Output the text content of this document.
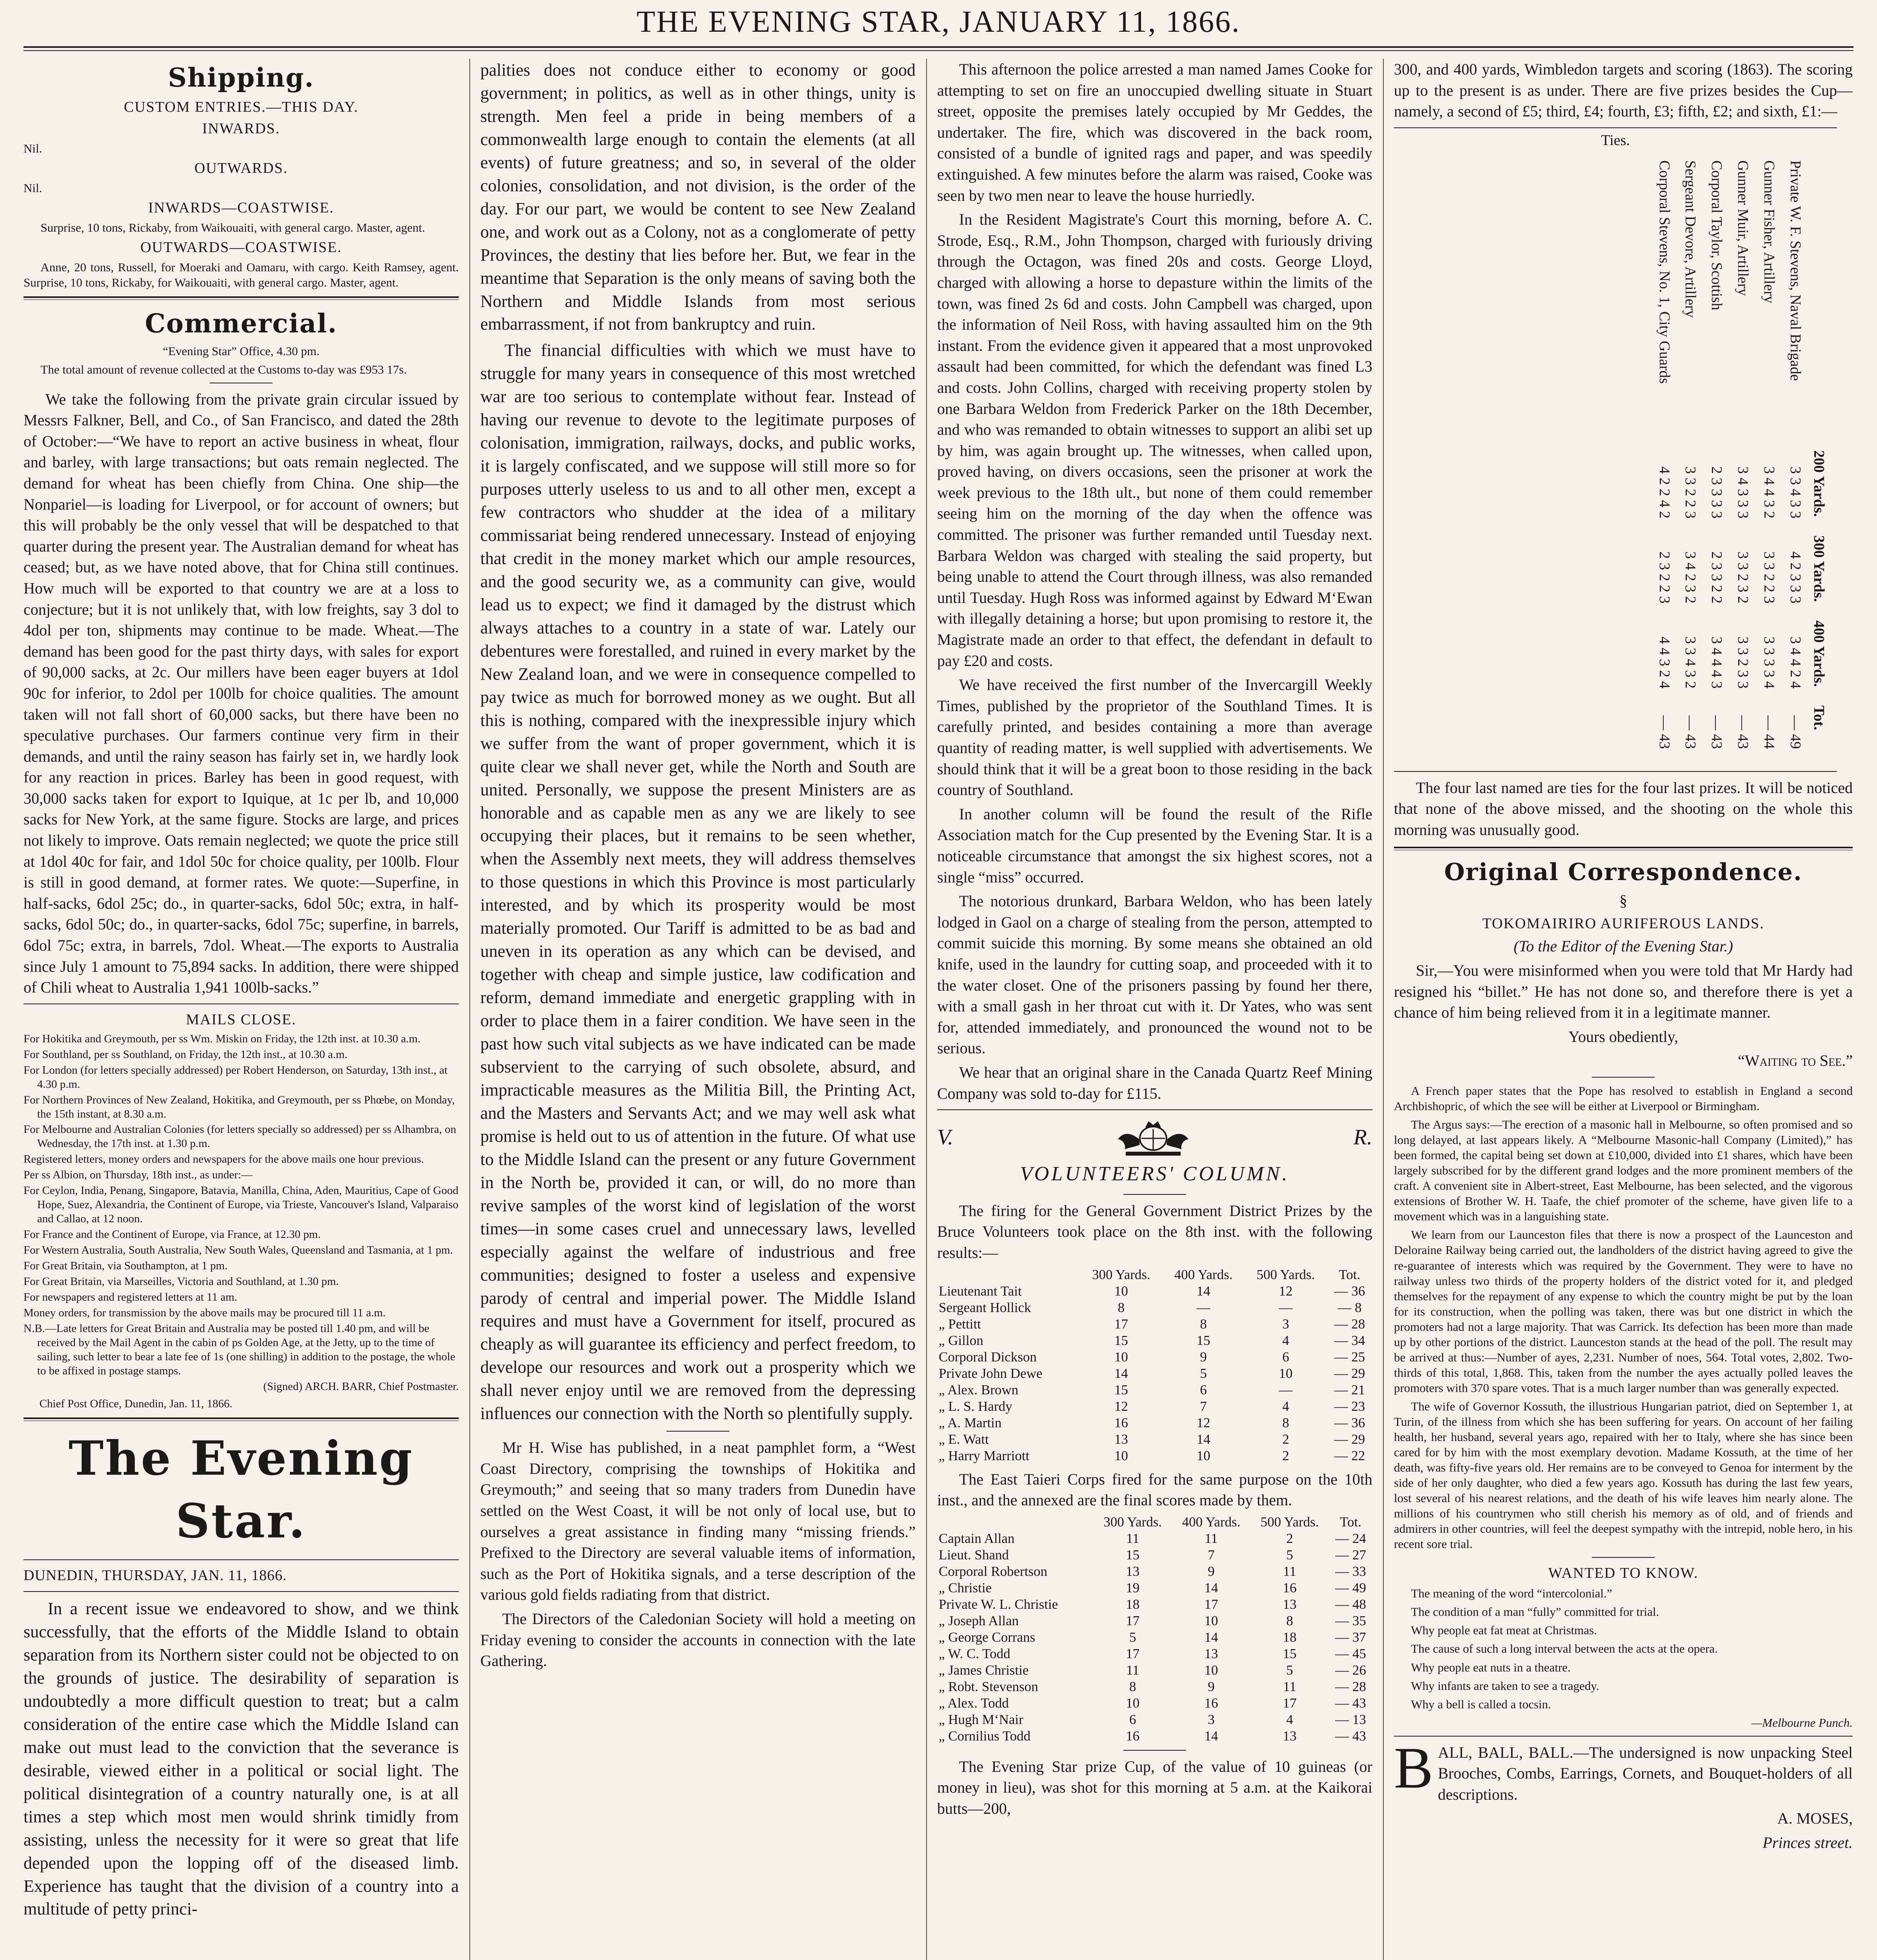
THE EVENING STAR, JANUARY 11, 1866.
Shipping.
CUSTOM ENTRIES.—THIS DAY.
INWARDS.

Nil.

OUTWARDS.

Nil.

INWARDS—COASTWISE.

Surprise, 10 tons, Rickaby, from Waikouaiti, with general cargo. Master, agent.

OUTWARDS—COASTWISE.

Anne, 20 tons, Russell, for Moeraki and Oamaru, with cargo. Keith Ramsey, agent. Surprise, 10 tons, Rickaby, for Waikouaiti, with general cargo. Master, agent.

Commercial.

“Evening Star” Office, 4.30 pm.

The total amount of revenue collected at the Customs to-day was £953 17s.

We take the following from the private grain circular issued by Messrs Falkner, Bell, and Co., of San Francisco, and dated the 28th of October:—“We have to report an active business in wheat, flour and barley, with large transactions; but oats remain neglected. The demand for wheat has been chiefly from China. One ship—the Nonpariel—is loading for Liverpool, or for account of owners; but this will probably be the only vessel that will be despatched to that quarter during the present year. The Australian demand for wheat has ceased; but, as we have noted above, that for China still continues. How much will be exported to that country we are at a loss to conjecture; but it is not unlikely that, with low freights, say 3 dol to 4dol per ton, shipments may continue to be made. Wheat.—The demand has been good for the past thirty days, with sales for export of 90,000 sacks, at 2c. Our millers have been eager buyers at 1dol 90c for inferior, to 2dol per 100lb for choice qualities. The amount taken will not fall short of 60,000 sacks, but there have been no speculative purchases. Our farmers continue very firm in their demands, and until the rainy season has fairly set in, we hardly look for any reaction in prices. Barley has been in good request, with 30,000 sacks taken for export to Iquique, at 1c per lb, and 10,000 sacks for New York, at the same figure. Stocks are large, and prices not likely to improve. Oats remain neglected; we quote the price still at 1dol 40c for fair, and 1dol 50c for choice quality, per 100lb. Flour is still in good demand, at former rates. We quote:—Superfine, in half-sacks, 6dol 25c; do., in quarter-sacks, 6dol 50c; extra, in half-sacks, 6dol 50c; do., in quarter-sacks, 6dol 75c; superfine, in barrels, 6dol 75c; extra, in barrels, 7dol. Wheat.—The exports to Australia since July 1 amount to 75,894 sacks. In addition, there were shipped of Chili wheat to Australia 1,941 100lb-sacks.”

MAILS CLOSE.

For Hokitika and Greymouth, per ss Wm. Miskin on Friday, the 12th inst. at 10.30 a.m.

For Southland, per ss Southland, on Friday, the 12th inst., at 10.30 a.m.

For London (for letters specially addressed) per Robert Henderson, on Saturday, 13th inst., at 4.30 p.m.

For Northern Provinces of New Zealand, Hokitika, and Greymouth, per ss Phœbe, on Monday, the 15th instant, at 8.30 a.m.

For Melbourne and Australian Colonies (for letters specially so addressed) per ss Alhambra, on Wednesday, the 17th inst. at 1.30 p.m.

Registered letters, money orders and newspapers for the above mails one hour previous.

Per ss Albion, on Thursday, 18th inst., as under:—

For Ceylon, India, Penang, Singapore, Batavia, Manilla, China, Aden, Mauritius, Cape of Good Hope, Suez, Alexandria, the Continent of Europe, via Trieste, Vancouver's Island, Valparaiso and Callao, at 12 noon.

For France and the Continent of Europe, via France, at 12.30 pm.

For Western Australia, South Australia, New South Wales, Queensland and Tasmania, at 1 pm.

For Great Britain, via Southampton, at 1 pm.

For Great Britain, via Marseilles, Victoria and Southland, at 1.30 pm.

For newspapers and registered letters at 11 am.

Money orders, for transmission by the above mails may be procured till 11 a.m.

N.B.—Late letters for Great Britain and Australia may be posted till 1.40 pm, and will be received by the Mail Agent in the cabin of ps Golden Age, at the Jetty, up to the time of sailing, such letter to bear a late fee of 1s (one shilling) in addition to the postage, the whole to be affixed in postage stamps.

(Signed) ARCH. BARR, Chief Postmaster.

Chief Post Office, Dunedin, Jan. 11, 1866.

The Evening Star.
DUNEDIN, THURSDAY, JAN. 11, 1866.

In a recent issue we endeavored to show, and we think successfully, that the efforts of the Middle Island to obtain separation from its Northern sister could not be objected to on the grounds of justice. The desirability of separation is undoubtedly a more difficult question to treat; but a calm consideration of the entire case which the Middle Island can make out must lead to the conviction that the severance is desirable, viewed either in a political or social light. The political disintegration of a country naturally one, is at all times a step which most men would shrink timidly from assisting, unless the necessity for it were so great that life depended upon the lopping off of the diseased limb. Experience has taught that the division of a country into a multitude of petty princi-

palities does not conduce either to economy or good government; in politics, as well as in other things, unity is strength. Men feel a pride in being members of a commonwealth large enough to contain the elements (at all events) of future greatness; and so, in several of the older colonies, consolidation, and not division, is the order of the day. For our part, we would be content to see New Zealand one, and work out as a Colony, not as a conglomerate of petty Provinces, the destiny that lies before her. But, we fear in the meantime that Separation is the only means of saving both the Northern and Middle Islands from most serious embarrassment, if not from bankruptcy and ruin.

The financial difficulties with which we must have to struggle for many years in consequence of this most wretched war are too serious to contemplate without fear. Instead of having our revenue to devote to the legitimate purposes of colonisation, immigration, railways, docks, and public works, it is largely confiscated, and we suppose will still more so for purposes utterly useless to us and to all other men, except a few contractors who shudder at the idea of a military commissariat being rendered unnecessary. Instead of enjoying that credit in the money market which our ample resources, and the good security we, as a community can give, would lead us to expect; we find it damaged by the distrust which always attaches to a country in a state of war. Lately our debentures were forestalled, and ruined in every market by the New Zealand loan, and we were in consequence compelled to pay twice as much for borrowed money as we ought. But all this is nothing, compared with the inexpressible injury which we suffer from the want of proper government, which it is quite clear we shall never get, while the North and South are united. Personally, we suppose the present Ministers are as honorable and as capable men as any we are likely to see occupying their places, but it remains to be seen whether, when the Assembly next meets, they will address themselves to those questions in which this Province is most particularly interested, and by which its prosperity would be most materially promoted. Our Tariff is admitted to be as bad and uneven in its operation as any which can be devised, and together with cheap and simple justice, law codification and reform, demand immediate and energetic grappling with in order to place them in a fairer condition. We have seen in the past how such vital subjects as we have indicated can be made subservient to the carrying of such obsolete, absurd, and impracticable measures as the Militia Bill, the Printing Act, and the Masters and Servants Act; and we may well ask what promise is held out to us of attention in the future. Of what use to the Middle Island can the present or any future Government in the North be, provided it can, or will, do no more than revive samples of the worst kind of legislation of the worst times—in some cases cruel and unnecessary laws, levelled especially against the welfare of industrious and free communities; designed to foster a useless and expensive parody of central and imperial power. The Middle Island requires and must have a Government for itself, procured as cheaply as will guarantee its efficiency and perfect freedom, to develope our resources and work out a prosperity which we shall never enjoy until we are removed from the depressing influences our connection with the North so plentifully supply.

Mr H. Wise has published, in a neat pamphlet form, a “West Coast Directory, comprising the townships of Hokitika and Greymouth;” and seeing that so many traders from Dunedin have settled on the West Coast, it will be not only of local use, but to ourselves a great assistance in finding many “missing friends.” Prefixed to the Directory are several valuable items of information, such as the Port of Hokitika signals, and a terse description of the various gold fields radiating from that district.

The Directors of the Caledonian Society will hold a meeting on Friday evening to consider the accounts in connection with the late Gathering.

This afternoon the police arrested a man named James Cooke for attempting to set on fire an unoccupied dwelling situate in Stuart street, opposite the premises lately occupied by Mr Geddes, the undertaker. The fire, which was discovered in the back room, consisted of a bundle of ignited rags and paper, and was speedily extinguished. A few minutes before the alarm was raised, Cooke was seen by two men near to leave the house hurriedly.

In the Resident Magistrate's Court this morning, before A. C. Strode, Esq., R.M., John Thompson, charged with furiously driving through the Octagon, was fined 20s and costs. George Lloyd, charged with allowing a horse to depasture within the limits of the town, was fined 2s 6d and costs. John Campbell was charged, upon the information of Neil Ross, with having assaulted him on the 9th instant. From the evidence given it appeared that a most unprovoked assault had been committed, for which the defendant was fined L3 and costs. John Collins, charged with receiving property stolen by one Barbara Weldon from Frederick Parker on the 18th December, and who was remanded to obtain witnesses to support an alibi set up by him, was again brought up. The witnesses, when called upon, proved having, on divers occasions, seen the prisoner at work the week previous to the 18th ult., but none of them could remember seeing him on the morning of the day when the offence was committed. The prisoner was further remanded until Tuesday next. Barbara Weldon was charged with stealing the said property, but being unable to attend the Court through illness, was also remanded until Tuesday. Hugh Ross was informed against by Edward M‘Ewan with illegally detaining a horse; but upon promising to restore it, the Magistrate made an order to that effect, the defendant in default to pay £20 and costs.

We have received the first number of the Invercargill Weekly Times, published by the proprietor of the Southland Times. It is carefully printed, and besides containing a more than average quantity of reading matter, is well supplied with advertisements. We should think that it will be a great boon to those residing in the back country of Southland.

In another column will be found the result of the Rifle Association match for the Cup presented by the Evening Star. It is a noticeable circumstance that amongst the six highest scores, not a single “miss” occurred.

The notorious drunkard, Barbara Weldon, who has been lately lodged in Gaol on a charge of stealing from the person, attempted to commit suicide this morning. By some means she obtained an old knife, used in the laundry for cutting soap, and proceeded with it to the water closet. One of the prisoners passing by found her there, with a small gash in her throat cut with it. Dr Yates, who was sent for, attended immediately, and pronounced the wound not to be serious.

We hear that an original share in the Canada Quartz Reef Mining Company was sold to-day for £115.

V.	R.
VOLUNTEERS' COLUMN.

The firing for the General Government District Prizes by the Bruce Volunteers took place on the 8th inst. with the following results:—

	300 Yards.	400 Yards.	500 Yards.	Tot.
Lieutenant Tait	10	14	12	— 36
Sergeant Hollick	8	—	—	— 8
„ Pettitt	17	8	3	— 28
„ Gillon	15	15	4	— 34
Corporal Dickson	10	9	6	— 25
Private John Dewe	14	5	10	— 29
„ Alex. Brown	15	6	—	— 21
„ L. S. Hardy	12	7	4	— 23
„ A. Martin	16	12	8	— 36
„ E. Watt	13	14	2	— 29
„ Harry Marriott	10	10	2	— 22

The East Taieri Corps fired for the same purpose on the 10th inst., and the annexed are the final scores made by them.

	300 Yards.	400 Yards.	500 Yards.	Tot.
Captain Allan	11	11	2	— 24
Lieut. Shand	15	7	5	— 27
Corporal Robertson	13	9	11	— 33
„ Christie	19	14	16	— 49
Private W. L. Christie	18	17	13	— 48
„ Joseph Allan	17	10	8	— 35
„ George Corrans	5	14	18	— 37
„ W. C. Todd	17	13	15	— 45
„ James Christie	11	10	5	— 26
„ Robt. Stevenson	8	9	11	— 28
„ Alex. Todd	10	16	17	— 43
„ Hugh M‘Nair	6	3	4	— 13
„ Cornilius Todd	16	14	13	— 43

The Evening Star prize Cup, of the value of 10 guineas (or money in lieu), was shot for this morning at 5 a.m. at the Kaikorai butts—200,

300, and 400 yards, Wimbledon targets and scoring (1863). The scoring up to the present is as under. There are five prizes besides the Cup—namely, a second of £5; third, £4; fourth, £3; fifth, £2; and sixth, £1:—

Ties.
	200 Yards.	300 Yards.	400 Yards.	Tot.
Private W. F. Stevens, Naval Brigade	3 3 4 3 3	4 2 3 3 3	3 4 4 2 4	— 49
Gunner Fisher, Artillery	3 4 4 3 2	3 3 2 2 3	3 3 3 3 4	— 44
Gunner Muir, Artillery	3 4 3 3 3	3 3 2 3 2	3 3 2 3 3	— 43
Corporal Taylor, Scottish	2 3 3 3 3	2 3 3 2 2	3 4 4 4 3	— 43
Sergeant Devore, Artillery	3 3 2 2 3	3 4 2 3 2	3 3 4 3 2	— 43
Corporal Stevens, No. 1, City Guards	4 2 2 4 2	2 3 2 2 3	4 4 3 2 4	— 43

The four last named are ties for the four last prizes. It will be noticed that none of the above missed, and the shooting on the whole this morning was unusually good.

Original Correspondence.
§
TOKOMAIRIRO AURIFEROUS LANDS.

(To the Editor of the Evening Star.)

Sir,—You were misinformed when you were told that Mr Hardy had resigned his “billet.” He has not done so, and therefore there is yet a chance of him being relieved from it in a legitimate manner.

Yours obediently,

“Waiting to See.”

A French paper states that the Pope has resolved to establish in England a second Archbishopric, of which the see will be either at Liverpool or Birmingham.

The Argus says:—The erection of a masonic hall in Melbourne, so often promised and so long delayed, at last appears likely. A “Melbourne Masonic-hall Company (Limited),” has been formed, the capital being set down at £10,000, divided into £1 shares, which have been largely subscribed for by the different grand lodges and the more prominent members of the craft. A convenient site in Albert-street, East Melbourne, has been selected, and the vigorous extensions of Brother W. H. Taafe, the chief promoter of the scheme, have given life to a movement which was in a languishing state.

We learn from our Launceston files that there is now a prospect of the Launceston and Deloraine Railway being carried out, the landholders of the district having agreed to give the re-guarantee of interests which was required by the Government. They were to have no railway unless two thirds of the property holders of the district voted for it, and pledged themselves for the repayment of any expense to which the country might be put by the loan for its construction, when the polling was taken, there was but one district in which the promoters had not a large majority. That was Carrick. Its defection has been more than made up by other portions of the district. Launceston stands at the head of the poll. The result may be arrived at thus:—Number of ayes, 2,231. Number of noes, 564. Total votes, 2,802. Two-thirds of this total, 1,868. This, taken from the number the ayes actually polled leaves the promoters with 370 spare votes. That is a much larger number than was generally expected.

The wife of Governor Kossuth, the illustrious Hungarian patriot, died on September 1, at Turin, of the illness from which she has been suffering for years. On account of her failing health, her husband, several years ago, repaired with her to Italy, where she has since been cared for by him with the most exemplary devotion. Madame Kossuth, at the time of her death, was fifty-five years old. Her remains are to be conveyed to Genoa for interment by the side of her only daughter, who died a few years ago. Kossuth has during the last few years, lost several of his nearest relations, and the death of his wife leaves him nearly alone. The millions of his countrymen who still cherish his memory as of old, and of friends and admirers in other countries, will feel the deepest sympathy with the intrepid, noble hero, in his recent sore trial.

WANTED TO KNOW.

The meaning of the word “intercolonial.”

The condition of a man “fully” committed for trial.

Why people eat fat meat at Christmas.

The cause of such a long interval between the acts at the opera.

Why people eat nuts in a theatre.

Why infants are taken to see a tragedy.

Why a bell is called a tocsin.

—Melbourne Punch.

B ALL, BALL, BALL.—The undersigned is now unpacking Steel Brooches, Combs, Earrings, Cornets, and Bouquet-holders of all descriptions.

A. MOSES,

Princes street.
